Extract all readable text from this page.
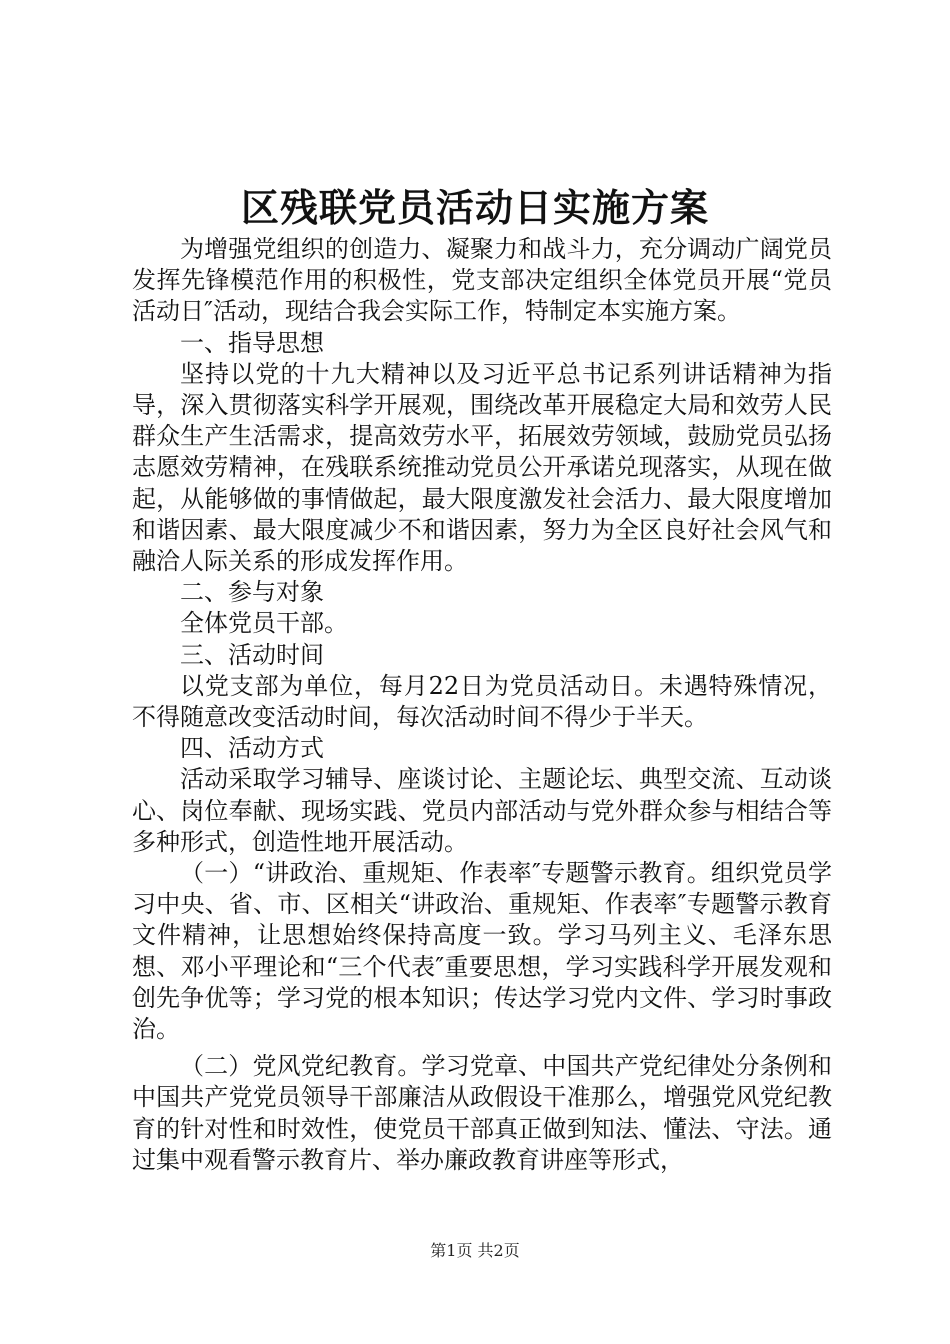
区残联党员活动日实施方案

为增强党组织的创造力、凝聚力和战斗力，充分调动广阔党员发挥先锋模范作用的积极性，党支部决定组织全体党员开展“党员活动日″活动，现结合我会实际工作，特制定本实施方案。

一、指导思想

坚持以党的十九大精神以及习近平总书记系列讲话精神为指导，深入贯彻落实科学开展观，围绕改革开展稳定大局和效劳人民群众生产生活需求，提高效劳水平，拓展效劳领域，鼓励党员弘扬志愿效劳精神，在残联系统推动党员公开承诺兑现落实，从现在做起，从能够做的事情做起，最大限度激发社会活力、最大限度增加和谐因素、最大限度减少不和谐因素，努力为全区良好社会风气和融洽人际关系的形成发挥作用。

二、参与对象

全体党员干部。

三、活动时间

以党支部为单位，每月22日为党员活动日。未遇特殊情况，不得随意改变活动时间，每次活动时间不得少于半天。

四、活动方式

活动采取学习辅导、座谈讨论、主题论坛、典型交流、互动谈心、岗位奉献、现场实践、党员内部活动与党外群众参与相结合等多种形式，创造性地开展活动。

（一）“讲政治、重规矩、作表率″专题警示教育。组织党员学习中央、省、市、区相关“讲政治、重规矩、作表率″专题警示教育文件精神，让思想始终保持高度一致。学习马列主义、毛泽东思想、邓小平理论和“三个代表″重要思想，学习实践科学开展发观和创先争优等；学习党的根本知识；传达学习党内文件、学习时事政治。

（二）党风党纪教育。学习党章、中国共产党纪律处分条例和中国共产党党员领导干部廉洁从政假设干准那么，增强党风党纪教育的针对性和时效性，使党员干部真正做到知法、懂法、守法。通过集中观看警示教育片、举办廉政教育讲座等形式，

第1页 共2页
